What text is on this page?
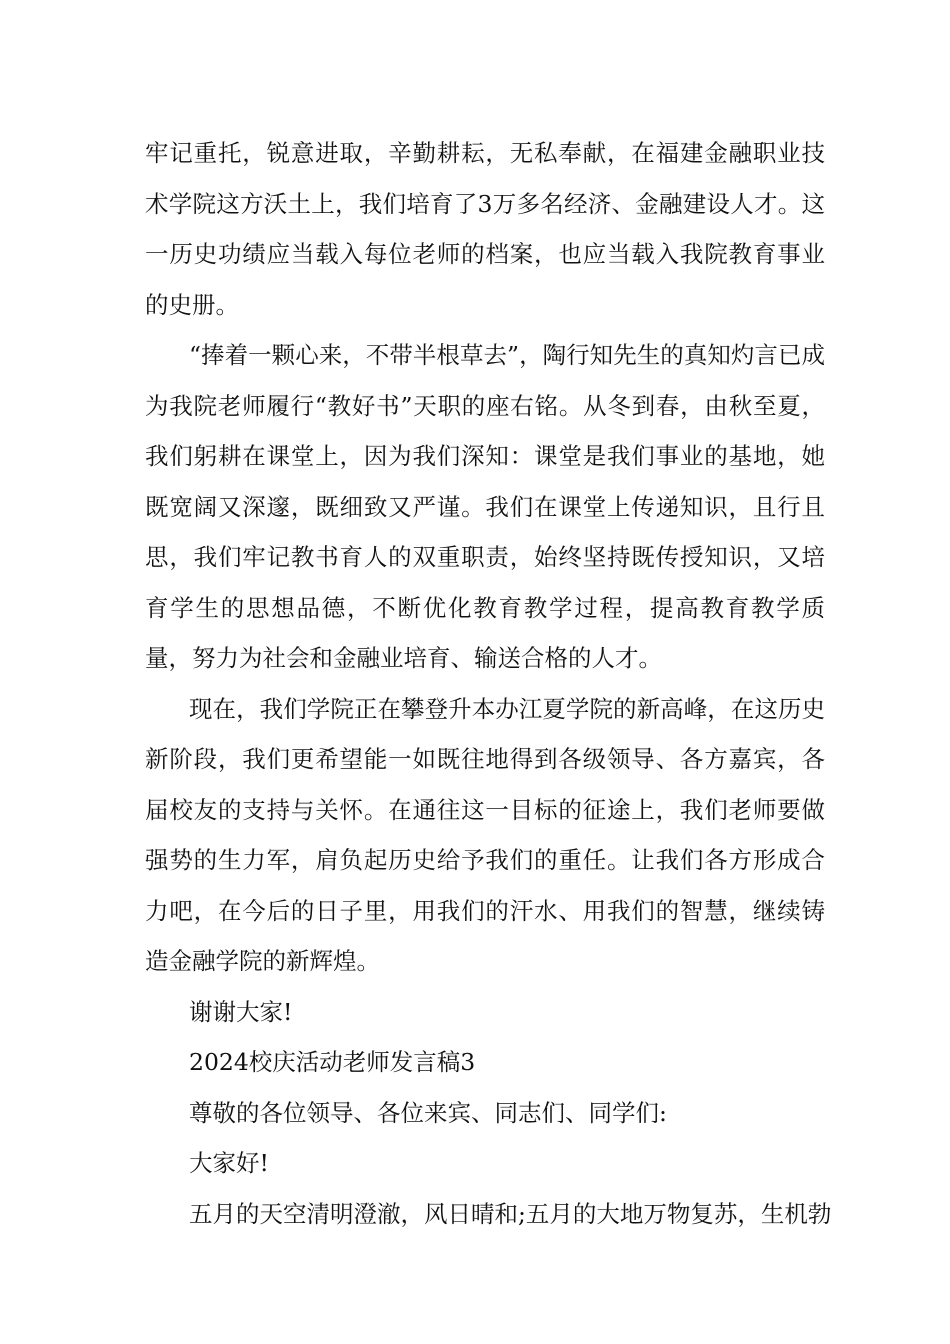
牢记重托，锐意进取，辛勤耕耘，无私奉献，在福建金融职业技术学院这方沃土上，我们培育了3万多名经济、金融建设人才。这一历史功绩应当载入每位老师的档案，也应当载入我院教育事业的史册。

“捧着一颗心来，不带半根草去”，陶行知先生的真知灼言已成为我院老师履行“教好书”天职的座右铭。从冬到春，由秋至夏，我们躬耕在课堂上，因为我们深知：课堂是我们事业的基地，她既宽阔又深邃，既细致又严谨。我们在课堂上传递知识，且行且思，我们牢记教书育人的双重职责，始终坚持既传授知识，又培育学生的思想品德，不断优化教育教学过程，提高教育教学质量，努力为社会和金融业培育、输送合格的人才。

现在，我们学院正在攀登升本办江夏学院的新高峰，在这历史新阶段，我们更希望能一如既往地得到各级领导、各方嘉宾，各届校友的支持与关怀。在通往这一目标的征途上，我们老师要做强势的生力军，肩负起历史给予我们的重任。让我们各方形成合力吧，在今后的日子里，用我们的汗水、用我们的智慧，继续铸造金融学院的新辉煌。

谢谢大家!

2024校庆活动老师发言稿3

尊敬的各位领导、各位来宾、同志们、同学们:

大家好!

五月的天空清明澄澈，风日晴和;五月的大地万物复苏，生机勃
